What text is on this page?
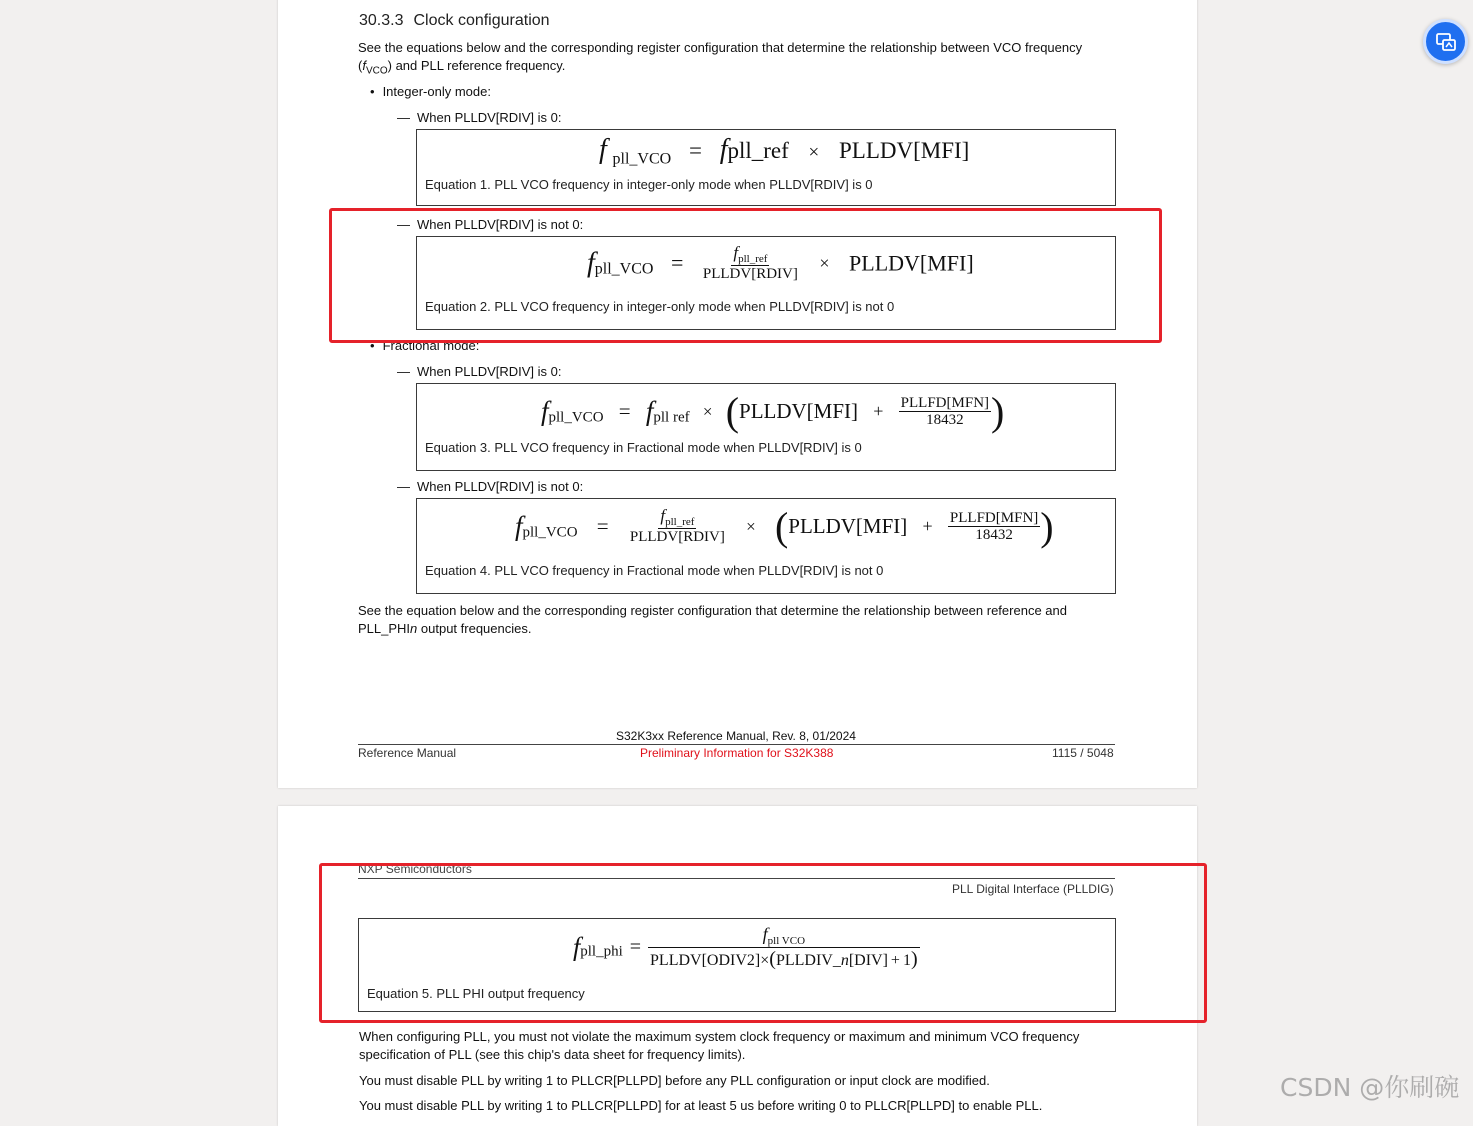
30.3.3 Clock configuration
See the equations below and the corresponding register configuration that determine the relationship between VCO frequency
$(f_{VCO})$ and PLL reference frequency.
• Integer-only mode:
— When PLLDV[RDIV] is 0:
f $_{pll\_VCO}$ = fpll_ref × PLLDV[MFI]
Equation 1. PLL VCO frequency in integer-only mode when PLLDV[RDIV] is 0
— When PLLDV[RDIV] is not 0:
$f_{pll\_VCO} = \frac{f_{pll\_ref}}{\text{PLLDV[RDIV]}}$ × PLLDV[MFI]
Equation 2. PLL VCO frequency in integer-only mode when PLLDV[RDIV] is not 0
• Fractional mode:
— When PLLDV[RDIV] is 0:
$f_{pll\_VCO} = f_{pll ref}$ × (PLLDV[MFI] + $\frac{\text{PLLFD[MFN]}}{18432}$ )
Equation 3. PLL VCO frequency in Fractional mode when PLLDV[RDIV] is 0
— When PLLDV[RDIV] is not 0:
$f_{pll\_VCO} = \frac{f_{pll\_ref}}{\text{PLLDV[RDIV]}}$ × (PLLDV[MFI] + $\frac{\text{PLLFD[MFN]}}{18432}$ )
Equation 4. PLL VCO frequency in Fractional mode when PLLDV[RDIV] is not 0
See the equation below and the corresponding register configuration that determine the relationship between reference and
PLL_PHIn output frequencies.
S32K3xx Reference Manual, Rev. 8, 01/2024
Reference Manual	Preliminary Information for S32K388	1115 / 5048
NXP Semiconductors
PLL Digital Interface (PLLDIG)
$f_{pll\_phi} = \frac{f_{pll VCO}}{\text{PLLDV[ODIV2]×(PLLDIV\_n[DIV] + 1)}}$
Equation 5. PLL PHI output frequency
When configuring PLL, you must not violate the maximum system clock frequency or maximum and minimum VCO frequency
specification of PLL (see this chip's data sheet for frequency limits).
You must disable PLL by writing 1 to PLLCR[PLLPD] before any PLL configuration or input clock are modified.
You must disable PLL by writing 1 to PLLCR[PLLPD] for at least 5 us before writing 0 to PLLCR[PLLPD] to enable PLL.
CSDN @你刷碗
